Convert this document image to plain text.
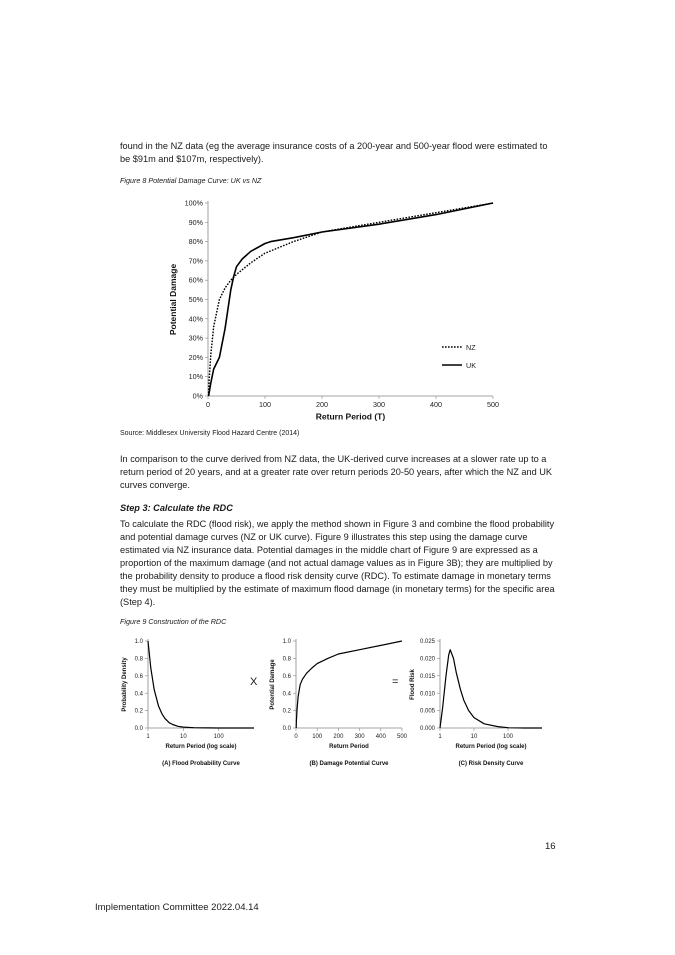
found in the NZ data (eg the average insurance costs of a 200-year and 500-year flood were estimated to be $91m and $107m, respectively).

Figure 8 Potential Damage Curve: UK vs NZ

0%
10%
20%
30%
40%
50%
60%
70%
80%
90%
100%
0	100	200	300	400	500
Return Period (T)
Potential Damage
NZ
UK

Source: Middlesex University Flood Hazard Centre (2014)

In comparison to the curve derived from NZ data, the UK-derived curve increases at a slower rate up to a return period of 20 years, and at a greater rate over return periods 20-50 years, after which the NZ and UK curves converge.

Step 3: Calculate the RDC

To calculate the RDC (flood risk), we apply the method shown in Figure 3 and combine the flood probability and potential damage curves (NZ or UK curve). Figure 9 illustrates this step using the damage curve estimated via NZ insurance data. Potential damages in the middle chart of Figure 9 are expressed as a proportion of the maximum damage (and not actual damage values as in Figure 3B); they are multiplied by the probability density to produce a flood risk density curve (RDC). To estimate damage in monetary terms they must be multiplied by the estimate of maximum flood damage (in monetary terms) for the specific area (Step 4).

Figure 9 Construction of the RDC

0.0
0.2
0.4
0.6
0.8
1.0
1	10	100
Return Period (log scale)
Probability Density
(A) Flood Probability Curve
X
0.0
0.2
0.4
0.6
0.8
1.0
0 100 200 300 400 500
Return Period
Potential Damage
(B) Damage Potential Curve
=
0.000
0.005
0.010
0.015
0.020
0.025
1	10	100
Return Period (log scale)
Flood Risk
(C) Risk Density Curve
16
Implementation Committee 2022.04.14
